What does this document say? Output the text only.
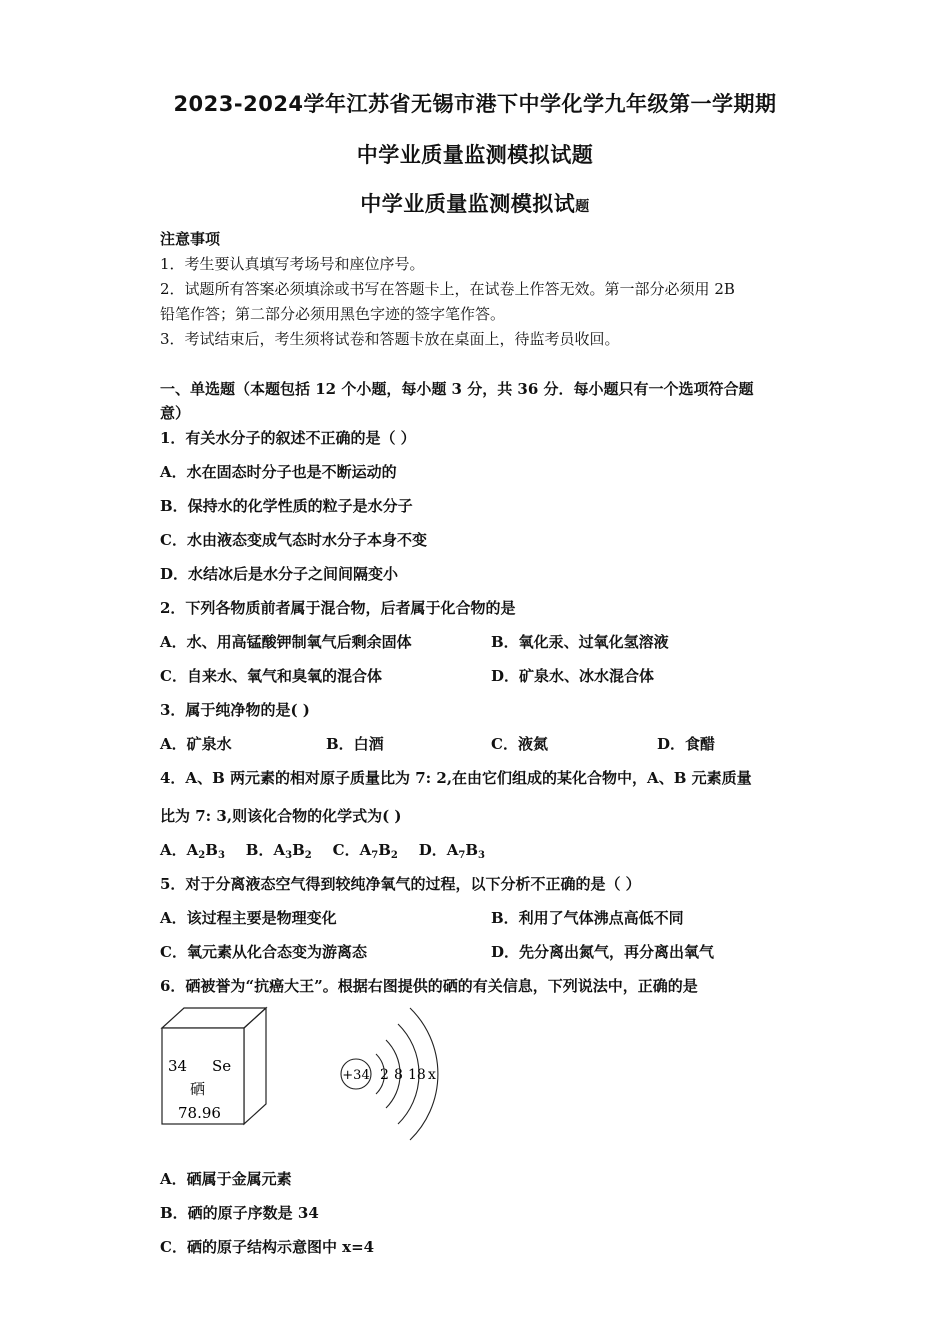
2023-2024学年江苏省无锡市港下中学化学九年级第一学期期
中学业质量监测模拟试题
中学业质量监测模拟试题
注意事项
1．考生要认真填写考场号和座位序号。
2．试题所有答案必须填涂或书写在答题卡上，在试卷上作答无效。第一部分必须用 2B
铅笔作答；第二部分必须用黑色字迹的签字笔作答。
3．考试结束后，考生须将试卷和答题卡放在桌面上，待监考员收回。
一、单选题（本题包括 12 个小题，每小题 3 分，共 36 分．每小题只有一个选项符合题
意）
1．有关水分子的叙述不正确的是（ ）
A．水在固态时分子也是不断运动的
B．保持水的化学性质的粒子是水分子
C．水由液态变成气态时水分子本身不变
D．水结冰后是水分子之间间隔变小
2．下列各物质前者属于混合物，后者属于化合物的是
A．水、用高锰酸钾制氧气后剩余固体	B．氧化汞、过氧化氢溶液
C．自来水、氧气和臭氧的混合体	D．矿泉水、冰水混合体
3．属于纯净物的是( )
A．矿泉水	B．白酒	C．液氮	D．食醋
4．A、B 两元素的相对原子质量比为 7: 2,在由它们组成的某化合物中，A、B 元素质量
比为 7: 3,则该化合物的化学式为( )
A．$A_2B_3$ B．$A_3B_2$ C．$A_7B_2$ D．$A_7B_3$
5．对于分离液态空气得到较纯净氧气的过程，以下分析不正确的是（ ）
A．该过程主要是物理变化	B．利用了气体沸点高低不同
C．氧元素从化合态变为游离态	D．先分离出氮气，再分离出氧气
6．硒被誉为“抗癌大王”。根据右图提供的硒的有关信息，下列说法中，正确的是
34 Se
硒
78.96
+34 2 8 18 x
A．硒属于金属元素
B．硒的原子序数是 34
C．硒的原子结构示意图中 x=4
